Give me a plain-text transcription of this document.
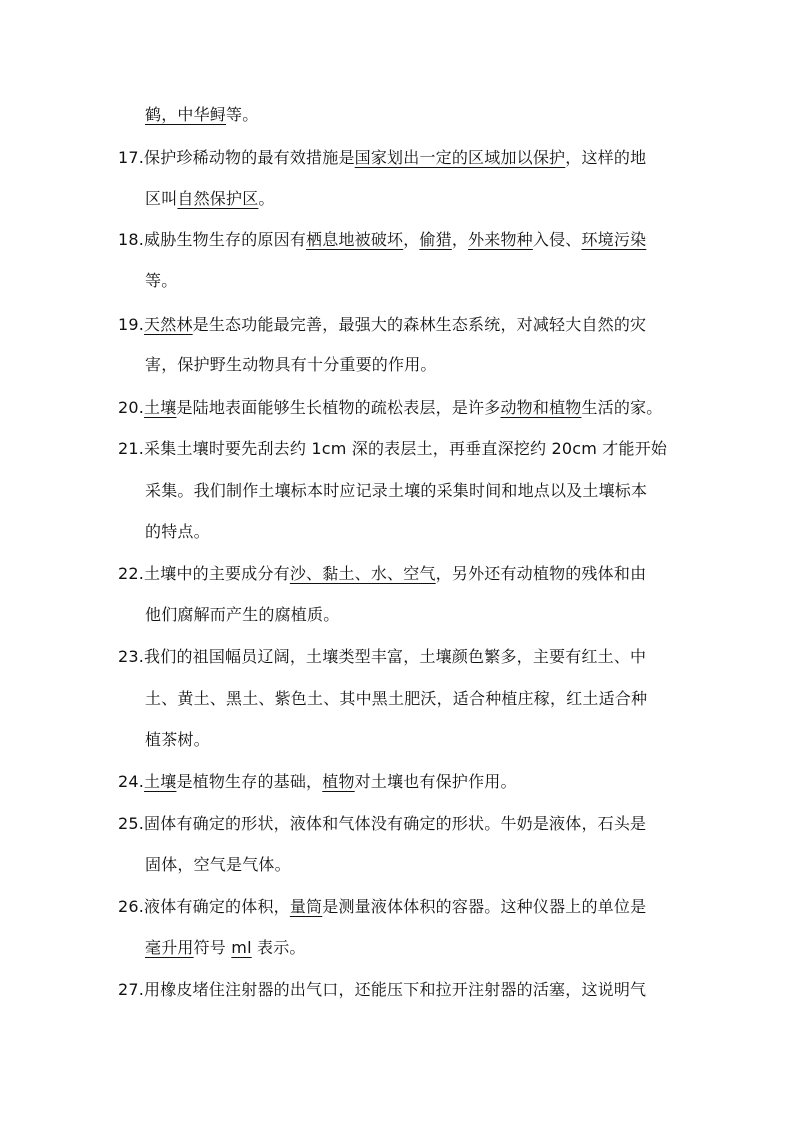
鹤，中华鲟等。
17.保护珍稀动物的最有效措施是国家划出一定的区域加以保护，这样的地
区叫自然保护区。
18.威胁生物生存的原因有栖息地被破坏，偷猎，外来物种入侵、环境污染
等。
19.天然林是生态功能最完善，最强大的森林生态系统，对减轻大自然的灾
害，保护野生动物具有十分重要的作用。
20.土壤是陆地表面能够生长植物的疏松表层，是许多动物和植物生活的家。
21.采集土壤时要先刮去约 1cm 深的表层土，再垂直深挖约 20cm 才能开始
采集。我们制作土壤标本时应记录土壤的采集时间和地点以及土壤标本
的特点。
22.土壤中的主要成分有沙、黏土、水、空气，另外还有动植物的残体和由
他们腐解而产生的腐植质。
23.我们的祖国幅员辽阔，土壤类型丰富，土壤颜色繁多，主要有红土、中
土、黄土、黑土、紫色土、其中黑土肥沃，适合种植庄稼，红土适合种
植茶树。
24.土壤是植物生存的基础，植物对土壤也有保护作用。
25.固体有确定的形状，液体和气体没有确定的形状。牛奶是液体，石头是
固体，空气是气体。
26.液体有确定的体积，量筒是测量液体体积的容器。这种仪器上的单位是
毫升用符号 ml 表示。
27.用橡皮堵住注射器的出气口，还能压下和拉开注射器的活塞，这说明气
